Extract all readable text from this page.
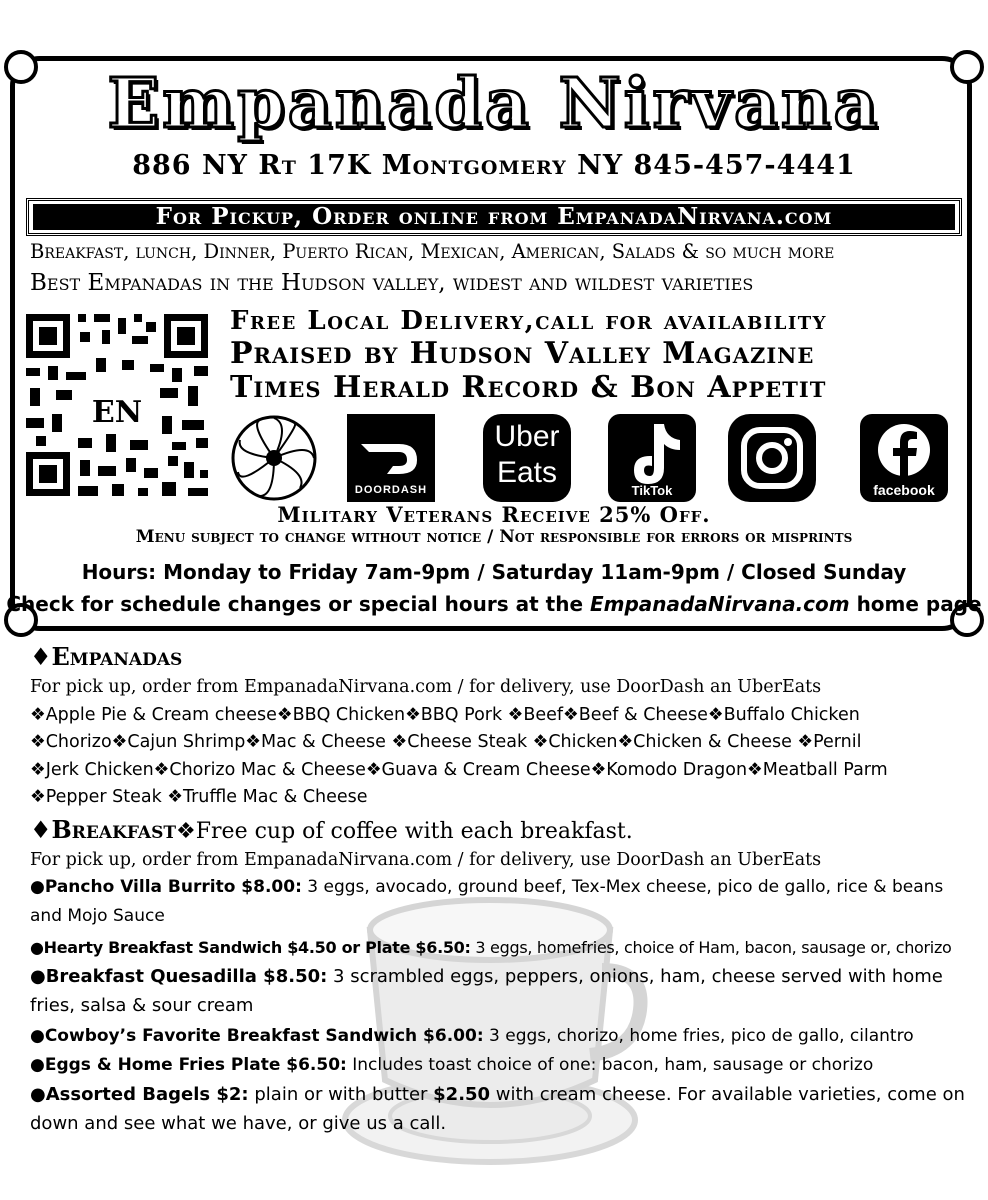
Empanada Nirvana
886 NY Rt 17K Montgomery NY 845-457-4441
For Pickup, Order online from EmpanadaNirvana.com
Breakfast, lunch, Dinner, Puerto Rican, Mexican, American, Salads & so much more
Best Empanadas in the Hudson valley, widest and wildest varieties
EN
Free Local Delivery,call for availability
Praised by Hudson Valley Magazine
Times Herald Record & Bon Appetit
DOORDASH
Uber
Eats
TikTok	facebook
Military Veterans Receive 25% Off.
Menu subject to change without notice / Not responsible for errors or misprints
Hours: Monday to Friday 7am-9pm / Saturday 11am-9pm / Closed Sunday
Check for schedule changes or special hours at the EmpanadaNirvana.com home page
♦Empanadas
For pick up, order from EmpanadaNirvana.com / for delivery, use DoorDash an UberEats
❖Apple Pie & Cream cheese❖BBQ Chicken❖BBQ Pork ❖Beef❖Beef & Cheese❖Buffalo Chicken
❖Chorizo❖Cajun Shrimp❖Mac & Cheese ❖Cheese Steak ❖Chicken❖Chicken & Cheese ❖Pernil
❖Jerk Chicken❖Chorizo Mac & Cheese❖Guava & Cream Cheese❖Komodo Dragon❖Meatball Parm
❖Pepper Steak ❖Truffle Mac & Cheese
♦Breakfast❖Free cup of coffee with each breakfast.
For pick up, order from EmpanadaNirvana.com / for delivery, use DoorDash an UberEats
●Pancho Villa Burrito $8.00: 3 eggs, avocado, ground beef, Tex-Mex cheese, pico de gallo, rice & beans and Mojo Sauce
●Hearty Breakfast Sandwich $4.50 or Plate $6.50: 3 eggs, homefries, choice of Ham, bacon, sausage or, chorizo
●Breakfast Quesadilla $8.50: 3 scrambled eggs, peppers, onions, ham, cheese served with home fries, salsa & sour cream
●Cowboy’s Favorite Breakfast Sandwich $6.00: 3 eggs, chorizo, home fries, pico de gallo, cilantro
●Eggs & Home Fries Plate $6.50: Includes toast choice of one: bacon, ham, sausage or chorizo
●Assorted Bagels $2: plain or with butter $2.50 with cream cheese. For available varieties, come on down and see what we have, or give us a call.
